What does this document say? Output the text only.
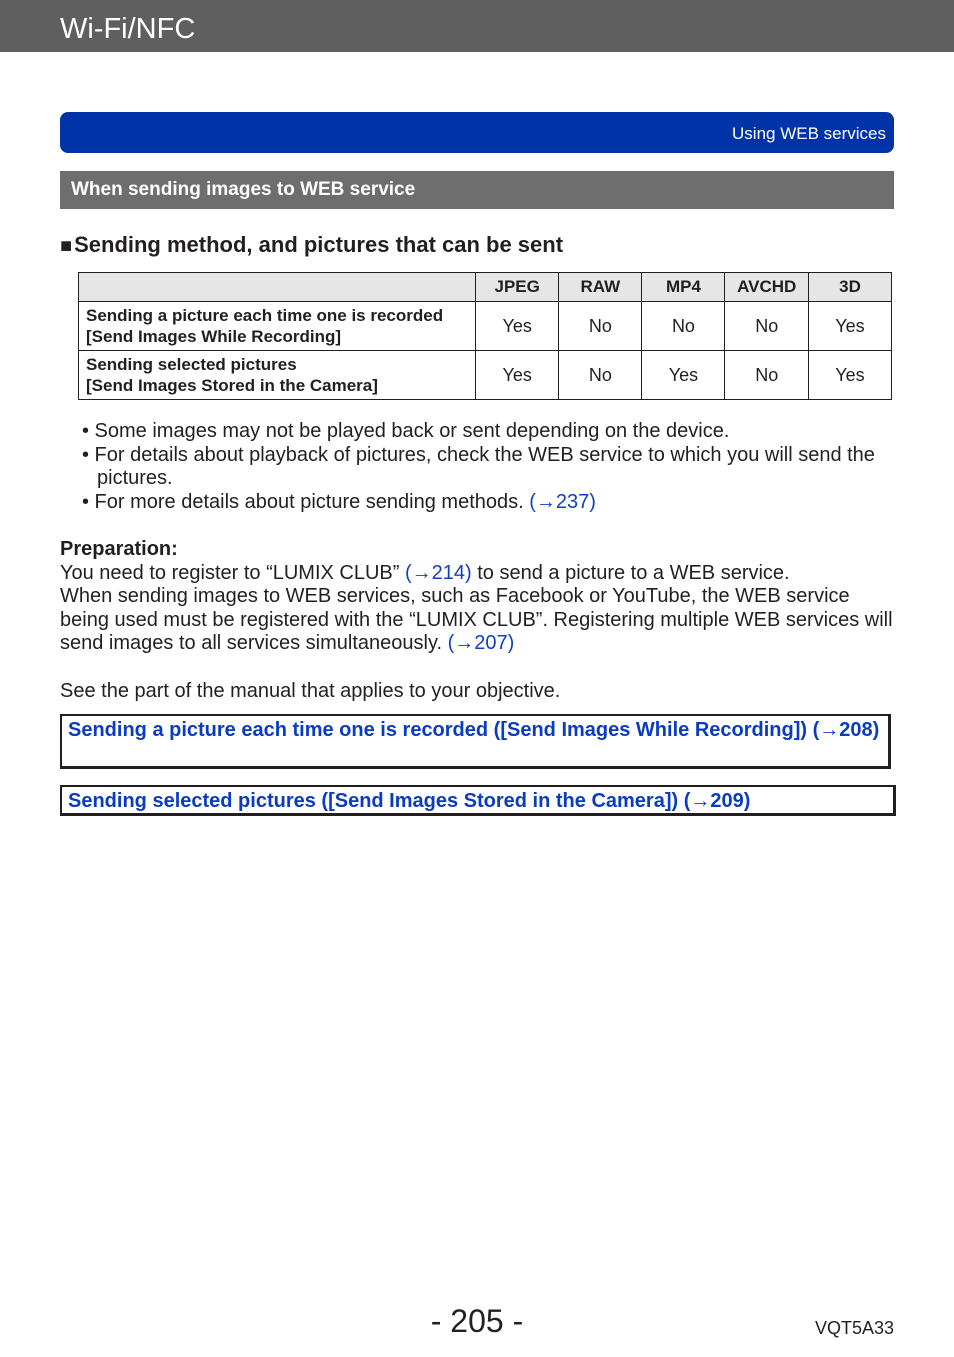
Wi-Fi/NFC
Using WEB services
When sending images to WEB service
■Sending method, and pictures that can be sent
	JPEG	RAW	MP4	AVCHD	3D

Sending a picture each time one is recorded
[Send Images While Recording]	Yes	No	No	No	Yes

Sending selected pictures
[Send Images Stored in the Camera]	Yes	No	Yes	No	Yes
• Some images may not be played back or sent depending on the device.
• For details about playback of pictures, check the WEB service to which you will send the pictures.
• For more details about picture sending methods. (→237)
Preparation:
You need to register to “LUMIX CLUB” (→214) to send a picture to a WEB service.
When sending images to WEB services, such as Facebook or YouTube, the WEB service being used must be registered with the “LUMIX CLUB”. Registering multiple WEB services will send images to all services simultaneously. (→207)
See the part of the manual that applies to your objective.
Sending a picture each time one is recorded ([Send Images While Recording]) (→208)
Sending selected pictures ([Send Images Stored in the Camera]) (→209)
- 205 -	VQT5A33
